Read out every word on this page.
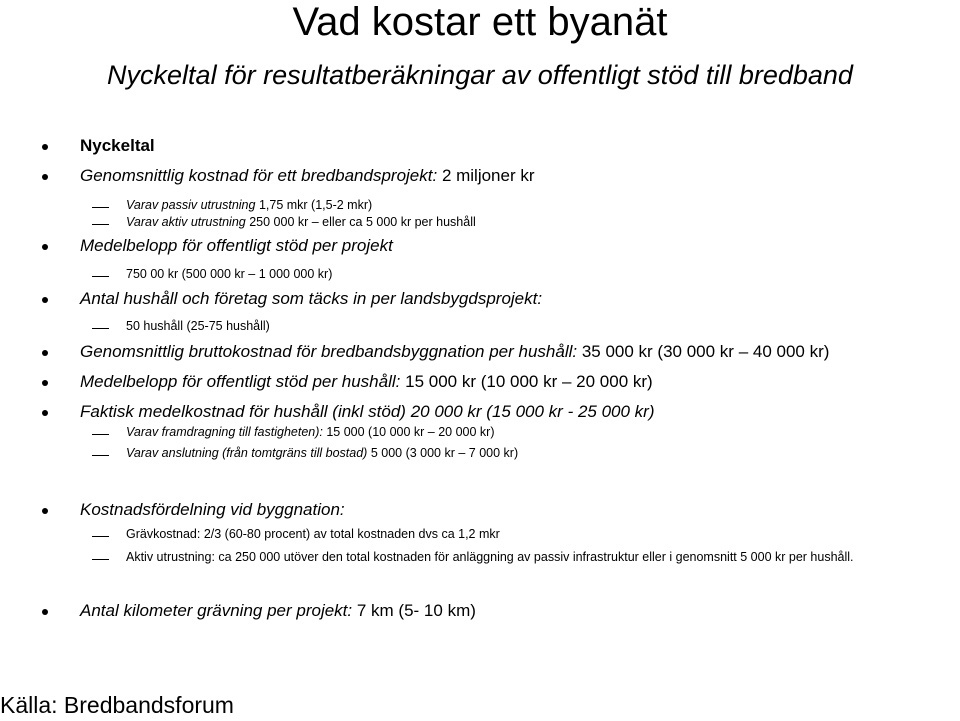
Vad kostar ett byanät
Nyckeltal för resultatberäkningar av offentligt stöd till bredband
Nyckeltal
Genomsnittlig kostnad för ett bredbandsprojekt: 2 miljoner kr
Varav passiv utrustning 1,75 mkr (1,5-2 mkr)
Varav aktiv utrustning 250 000 kr – eller ca 5 000 kr per hushåll
Medelbelopp för offentligt stöd per projekt
750 00 kr (500 000 kr – 1 000 000 kr)
Antal hushåll och företag som täcks in per landsbygdsprojekt:
50 hushåll (25-75 hushåll)
Genomsnittlig bruttokostnad för bredbandsbyggnation per hushåll: 35 000 kr (30 000 kr – 40 000 kr)
Medelbelopp för offentligt stöd per hushåll: 15 000 kr (10 000 kr – 20 000 kr)
Faktisk medelkostnad för hushåll (inkl stöd) 20 000 kr (15 000 kr - 25 000 kr)
Varav framdragning till fastigheten): 15 000 (10 000 kr – 20 000 kr)
Varav anslutning (från tomtgräns till bostad) 5 000 (3 000 kr – 7 000 kr)
Kostnadsfördelning vid byggnation:
Grävkostnad: 2/3 (60-80 procent) av total kostnaden dvs ca 1,2 mkr
Aktiv utrustning: ca 250 000 utöver den total kostnaden för anläggning av passiv infrastruktur eller i genomsnitt 5 000 kr per hushåll.
Antal kilometer grävning per projekt: 7 km (5- 10 km)
Källa: Bredbandsforum
